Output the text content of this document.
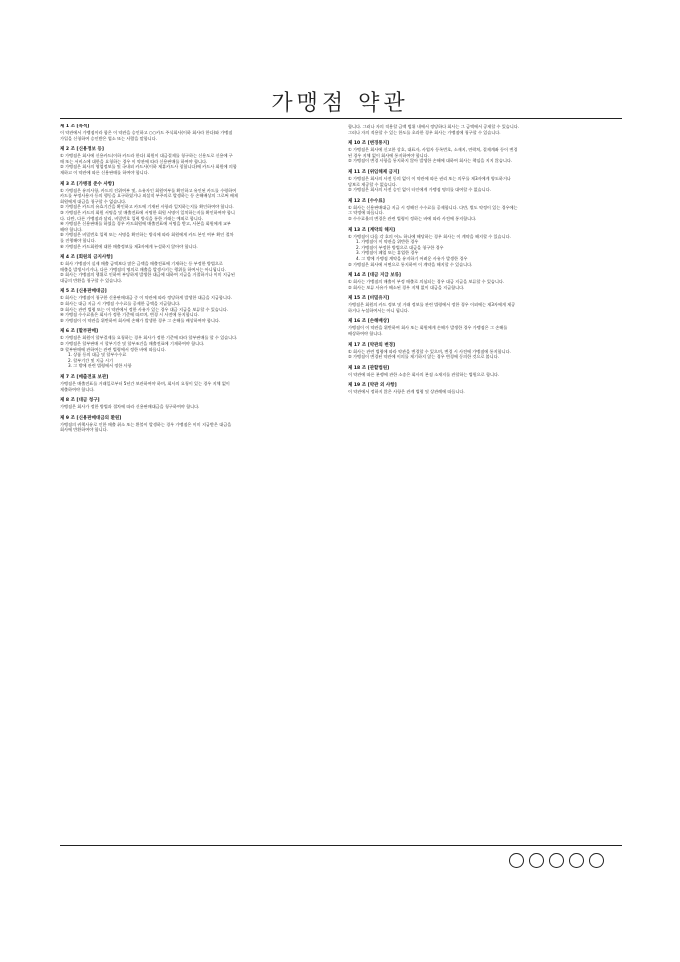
가맹점 약관
제 1 조 [목적]
이 약관에서 가맹점이라 함은 이 약관을 승인하고 ○○카드 주식회사(이하 회사라 한다)와 가맹점
가입을 신청하여 승인받은 업소 또는 사람을 말합니다.
제 2 조 [신용정보 등]
① 가맹점은 회사에 신용카드(이하 카드라 한다) 회원이 대금결제를 청구하는 신용도로 신용에 구
매 또는 서비스에 대한을 요청하는 경우 이 약관에 따라 신용판매를 하여야 합니다.
② 가맹점은 회사의 영업정보를 및 국내외 카드사(이하 제휴카드사 칭합니다)에 카드사 회원에 의합
재하고 이 약관에 따른 신용판매를 하여야 합니다.
제 3 조 [가맹점 준수 사항]
① 가맹점은 유의사항, 카드의 진위여부 및, 소유자인 회원여부를 확인하고 유인된 카드를 수령하여
카드를 부정사용자 등의 행동을 요구하였거나 외설적 부주의로 발생하는 등 손해배상의 그로써 배제
회원에게 대금을 청구할 수 없습니다.
② 가맹점은 카드의 유효기간을 확인하고 카드에 기재된 사항과 일치하는지를 확인하여야 합니다.
③ 가맹점은 카드의 회원 서명을 및 매출전표에 서명한 회원 서명이 일치하는지를 확인하여야 합니
다. 다만, 다른 가맹점과 달리, 비밀번호 입력 방식을 통한 거래는 예외로 합니다.
④ 가맹점은 신용판매를 하였을 경우 카드회원에 매출전표에 서명을 받고, 사본을 회원에게 교부
해야 합니다.
⑤ 가맹점은 비밀번호 입력 또는 서명을 확인하는 방식에 따라 회원에게 카드 본인 여부 확인 절차
를 진행해야 합니다.
⑥ 가맹점은 카드회원에 대한 매출정보를 제3자에게 누설하지 않아야 합니다.
제 4 조 [회원의 금지사항]
① 회사 가맹점이 실제 매출 금액보다 많은 금액을 매출전표에 기재하는 등 부정한 방법으로
매출을 발생시키거나, 다른 가맹점의 명의로 매출을 발생시키는 행위를 하여서는 아니됩니다.
② 회사는 가맹점의 행위로 인하여 부당하게 발생한 대금에 대하여 지급을 거절하거나 이미 지급된
대금의 반환을 청구할 수 있습니다.
제 5 조 [신용판매대금]
① 회사는 가맹점이 청구한 신용판매대금 중 이 약관에 따라 정당하게 발생한 대금을 지급합니다.
② 회사는 대금 지급 시 가맹점 수수료를 공제한 금액을 지급합니다.
③ 회사는 관련 법령 또는 이 약관에서 정한 사유가 있는 경우 대금 지급을 보류할 수 있습니다.
④ 가맹점 수수료율은 회사가 정한 기준에 따르며, 변경 시 사전에 통지합니다.
⑤ 가맹점이 이 약관을 위반하여 회사에 손해가 발생한 경우 그 손해를 배상하여야 합니다.
제 6 조 [할부판매]
① 가맹점은 회원이 할부결제를 요청하는 경우 회사가 정한 기준에 따라 할부판매를 할 수 있습니다.
② 가맹점은 할부판매 시 할부기간 및 할부조건을 매출전표에 기재하여야 합니다.
③ 할부판매에 관하여는 관련 법령에서 정한 바에 따릅니다.
1. 상품 등의 대금 및 할부수수료
2. 할부기간 및 지급 시기
3. 그 밖에 관련 법령에서 정한 사항
제 7 조 [매출전표 보관]
가맹점은 매출전표를 거래일로부터 5년간 보관하여야 하며, 회사의 요청이 있는 경우 지체 없이
제출하여야 합니다.
제 8 조 [대금 청구]
가맹점은 회사가 정한 방법과 절차에 따라 신용판매대금을 청구하여야 합니다.
제 9 조 [신용판매대금의 환원]
가맹점의 귀책사유로 인한 매출 취소 또는 환불이 발생하는 경우 가맹점은 이미 지급받은 대금을
회사에 반환하여야 합니다.
합니다. 그러나 자의 적용할 금액 범위 내에서 정당하다 회사는 그 금액에서 공제할 수 있습니다.
그러나 자의 적용할 수 있는 한도를 초과한 경우 회사는 가맹점에 청구할 수 있습니다.
제 10 조 [변경통지]
① 가맹점은 회사에 신고한 상호, 대표자, 사업자 등록번호, 소재지, 연락처, 결제계좌 등이 변경
된 경우 지체 없이 회사에 통지하여야 합니다.
② 가맹점이 변경 사항을 통지하지 않아 발생한 손해에 대하여 회사는 책임을 지지 않습니다.
제 11 조 [위임해제 금지]
① 가맹점은 회사의 사전 동의 없이 이 약관에 따른 권리 또는 의무를 제3자에게 양도하거나
담보로 제공할 수 없습니다.
② 가맹점은 회사의 사전 승인 없이 타인에게 가맹점 명의를 대여할 수 없습니다.
제 12 조 [수수료]
① 회사는 신용판매대금 지급 시 정해진 수수료를 공제합니다. 다만, 별도 약정이 있는 경우에는
그 약정에 따릅니다.
② 수수료율의 변경은 관련 법령이 정하는 바에 따라 사전에 통지합니다.
제 13 조 [계약의 해지]
① 가맹점이 다음 각 호의 어느 하나에 해당하는 경우 회사는 이 계약을 해지할 수 있습니다.
1. 가맹점이 이 약관을 위반한 경우
2. 가맹점이 부정한 방법으로 대금을 청구한 경우
3. 가맹점이 폐업 또는 휴업한 경우
4. 그 밖에 가맹점 계약을 유지하기 어려운 사유가 발생한 경우
② 가맹점은 회사에 서면으로 통지하여 이 계약을 해지할 수 있습니다.
제 14 조 [대금 지급 보류]
① 회사는 가맹점의 매출이 부정 매출로 의심되는 경우 대금 지급을 보류할 수 있습니다.
② 회사는 보류 사유가 해소된 경우 지체 없이 대금을 지급합니다.
제 15 조 [비밀유지]
가맹점은 회원의 카드 정보 및 거래 정보를 관련 법령에서 정한 경우 이외에는 제3자에게 제공
하거나 누설하여서는 아니 됩니다.
제 16 조 [손해배상]
가맹점이 이 약관을 위반하여 회사 또는 회원에게 손해가 발생한 경우 가맹점은 그 손해를
배상하여야 합니다.
제 17 조 [약관의 변경]
① 회사는 관련 법령에 따라 약관을 변경할 수 있으며, 변경 시 사전에 가맹점에 통지합니다.
② 가맹점이 변경된 약관에 이의를 제기하지 않는 경우 변경에 동의한 것으로 봅니다.
제 18 조 [관할법원]
이 약관에 따른 분쟁에 관한 소송은 회사의 본점 소재지를 관할하는 법원으로 합니다.
제 19 조 [약관 외 사항]
이 약관에서 정하지 않은 사항은 관계 법령 및 상관례에 따릅니다.
